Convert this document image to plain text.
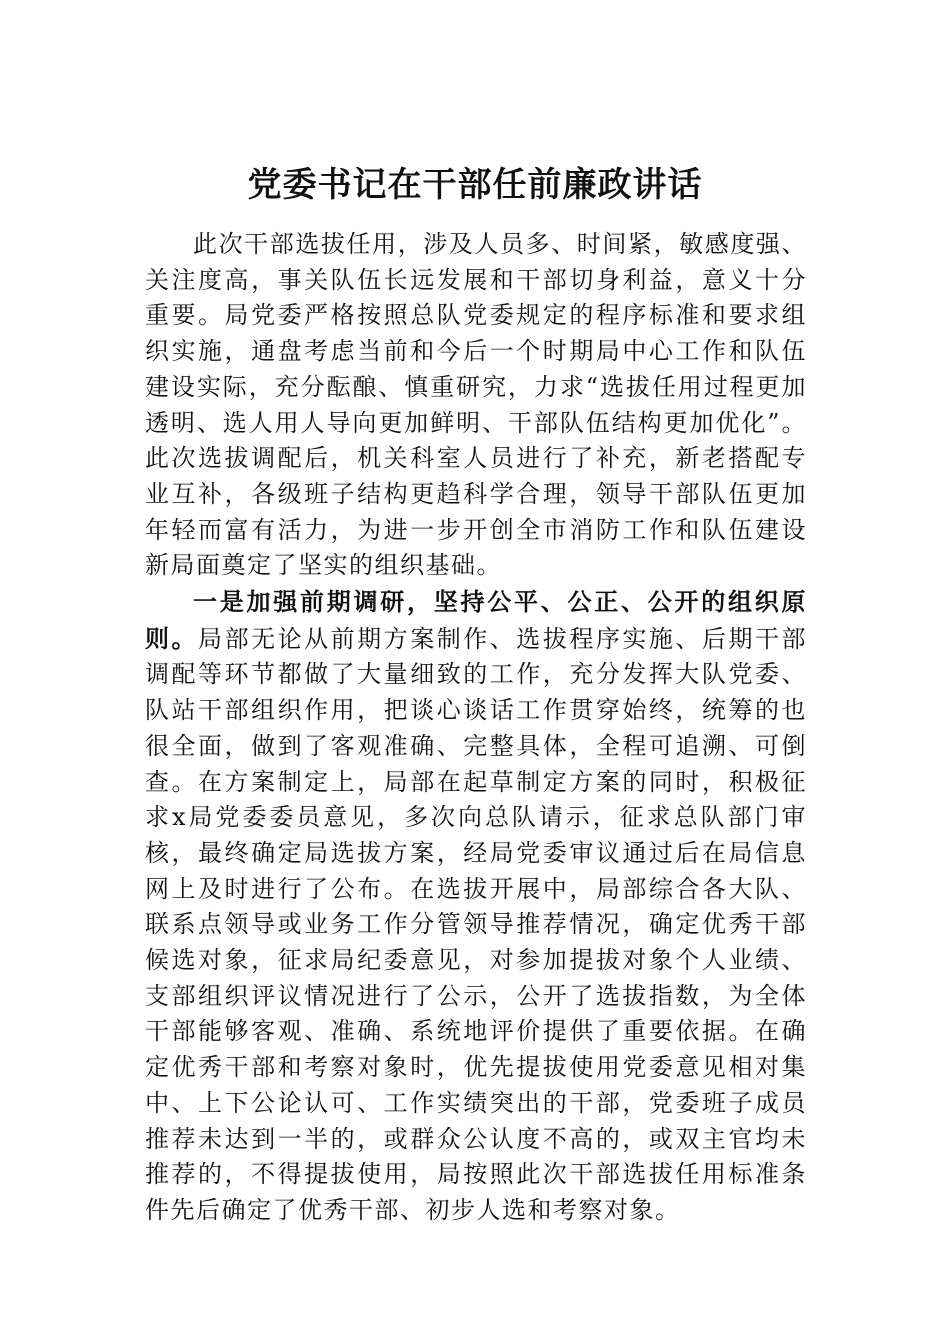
党委书记在干部任前廉政讲话

此次干部选拔任用，涉及人员多、时间紧，敏感度强、关注度高，事关队伍长远发展和干部切身利益，意义十分重要。局党委严格按照总队党委规定的程序标准和要求组织实施，通盘考虑当前和今后一个时期局中心工作和队伍建设实际，充分酝酿、慎重研究，力求“选拔任用过程更加透明、选人用人导向更加鲜明、干部队伍结构更加优化”。此次选拔调配后，机关科室人员进行了补充，新老搭配专业互补，各级班子结构更趋科学合理，领导干部队伍更加年轻而富有活力，为进一步开创全市消防工作和队伍建设新局面奠定了坚实的组织基础。

一是加强前期调研，坚持公平、公正、公开的组织原则。局部无论从前期方案制作、选拔程序实施、后期干部调配等环节都做了大量细致的工作，充分发挥大队党委、队站干部组织作用，把谈心谈话工作贯穿始终，统筹的也很全面，做到了客观准确、完整具体，全程可追溯、可倒查。在方案制定上，局部在起草制定方案的同时，积极征求x局党委委员意见，多次向总队请示，征求总队部门审核，最终确定局选拔方案，经局党委审议通过后在局信息网上及时进行了公布。在选拔开展中，局部综合各大队、联系点领导或业务工作分管领导推荐情况，确定优秀干部候选对象，征求局纪委意见，对参加提拔对象个人业绩、支部组织评议情况进行了公示，公开了选拔指数，为全体干部能够客观、准确、系统地评价提供了重要依据。在确定优秀干部和考察对象时，优先提拔使用党委意见相对集中、上下公论认可、工作实绩突出的干部，党委班子成员推荐未达到一半的，或群众公认度不高的，或双主官均未推荐的，不得提拔使用，局按照此次干部选拔任用标准条件先后确定了优秀干部、初步人选和考察对象。
